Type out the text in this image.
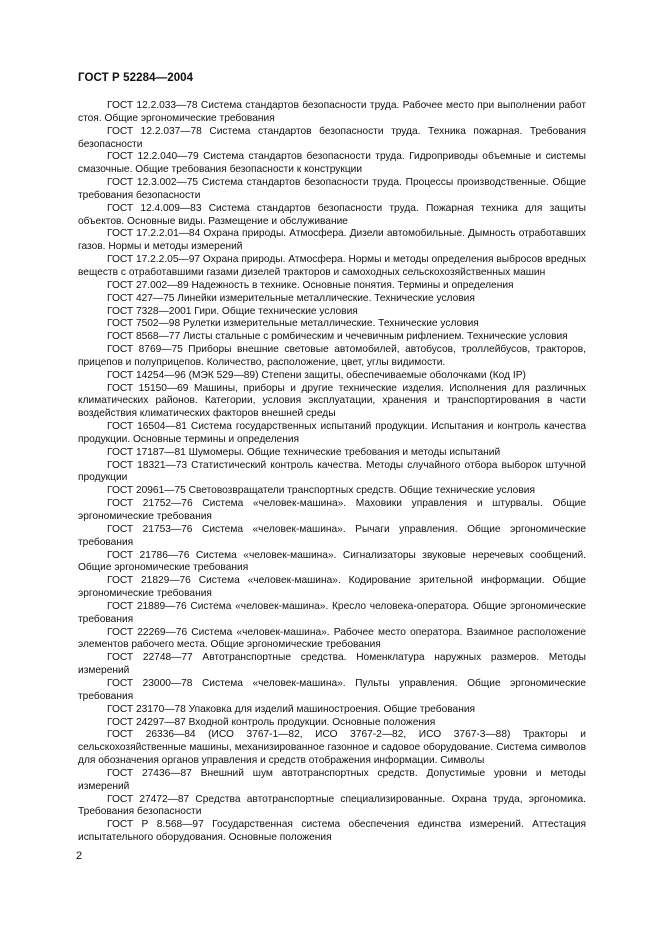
ГОСТ Р 52284—2004

ГОСТ 12.2.033—78 Система стандартов безопасности труда. Рабочее место при выполнении работ стоя. Общие эргономические требования

ГОСТ 12.2.037—78 Система стандартов безопасности труда. Техника пожарная. Требования безопасности

ГОСТ 12.2.040—79 Система стандартов безопасности труда. Гидроприводы объемные и системы смазочные. Общие требования безопасности к конструкции

ГОСТ 12.3.002—75 Система стандартов безопасности труда. Процессы производственные. Общие требования безопасности

ГОСТ 12.4.009—83 Система стандартов безопасности труда. Пожарная техника для защиты объектов. Основные виды. Размещение и обслуживание

ГОСТ 17.2.2.01—84 Охрана природы. Атмосфера. Дизели автомобильные. Дымность отработавших газов. Нормы и методы измерений

ГОСТ 17.2.2.05—97 Охрана природы. Атмосфера. Нормы и методы определения выбросов вредных веществ с отработавшими газами дизелей тракторов и самоходных сельскохозяйственных машин

ГОСТ 27.002—89 Надежность в технике. Основные понятия. Термины и определения

ГОСТ 427—75 Линейки измерительные металлические. Технические условия

ГОСТ 7328—2001 Гири. Общие технические условия

ГОСТ 7502—98 Рулетки измерительные металлические. Технические условия

ГОСТ 8568—77 Листы стальные с ромбическим и чечевичным рифлением. Технические условия

ГОСТ 8769—75 Приборы внешние световые автомобилей, автобусов, троллейбусов, тракторов, прицепов и полуприцепов. Количество, расположение, цвет, углы видимости.

ГОСТ 14254—96 (МЭК 529—89) Степени защиты, обеспечиваемые оболочками (Код IP)

ГОСТ 15150—69 Машины, приборы и другие технические изделия. Исполнения для различных климатических районов. Категории, условия эксплуатации, хранения и транспортирования в части воздействия климатических факторов внешней среды

ГОСТ 16504—81 Система государственных испытаний продукции. Испытания и контроль качества продукции. Основные термины и определения

ГОСТ 17187—81 Шумомеры. Общие технические требования и методы испытаний

ГОСТ 18321—73 Статистический контроль качества. Методы случайного отбора выборок штучной продукции

ГОСТ 20961—75 Световозвращатели транспортных средств. Общие технические условия

ГОСТ 21752—76 Система «человек-машина». Маховики управления и штурвалы. Общие эргономические требования

ГОСТ 21753—76 Система «человек-машина». Рычаги управления. Общие эргономические требования

ГОСТ 21786—76 Система «человек-машина». Сигнализаторы звуковые неречевых сообщений. Общие эргономические требования

ГОСТ 21829—76 Система «человек-машина». Кодирование зрительной информации. Общие эргономические требования

ГОСТ 21889—76 Система «человек-машина». Кресло человека-оператора. Общие эргономические требования

ГОСТ 22269—76 Система «человек-машина». Рабочее место оператора. Взаимное расположение элементов рабочего места. Общие эргономические требования

ГОСТ 22748—77 Автотранспортные средства. Номенклатура наружных размеров. Методы измерений

ГОСТ 23000—78 Система «человек-машина». Пульты управления. Общие эргономические требования

ГОСТ 23170—78 Упаковка для изделий машиностроения. Общие требования

ГОСТ 24297—87 Входной контроль продукции. Основные положения

ГОСТ 26336—84 (ИСО 3767-1—82, ИСО 3767-2—82, ИСО 3767-3—88) Тракторы и сельскохозяйственные машины, механизированное газонное и садовое оборудование. Система символов для обозначения органов управления и средств отображения информации. Символы

ГОСТ 27436—87 Внешний шум автотранспортных средств. Допустимые уровни и методы измерений

ГОСТ 27472—87 Средства автотранспортные специализированные. Охрана труда, эргономика. Требования безопасности

ГОСТ Р 8.568—97 Государственная система обеспечения единства измерений. Аттестация испытательного оборудования. Основные положения

2
